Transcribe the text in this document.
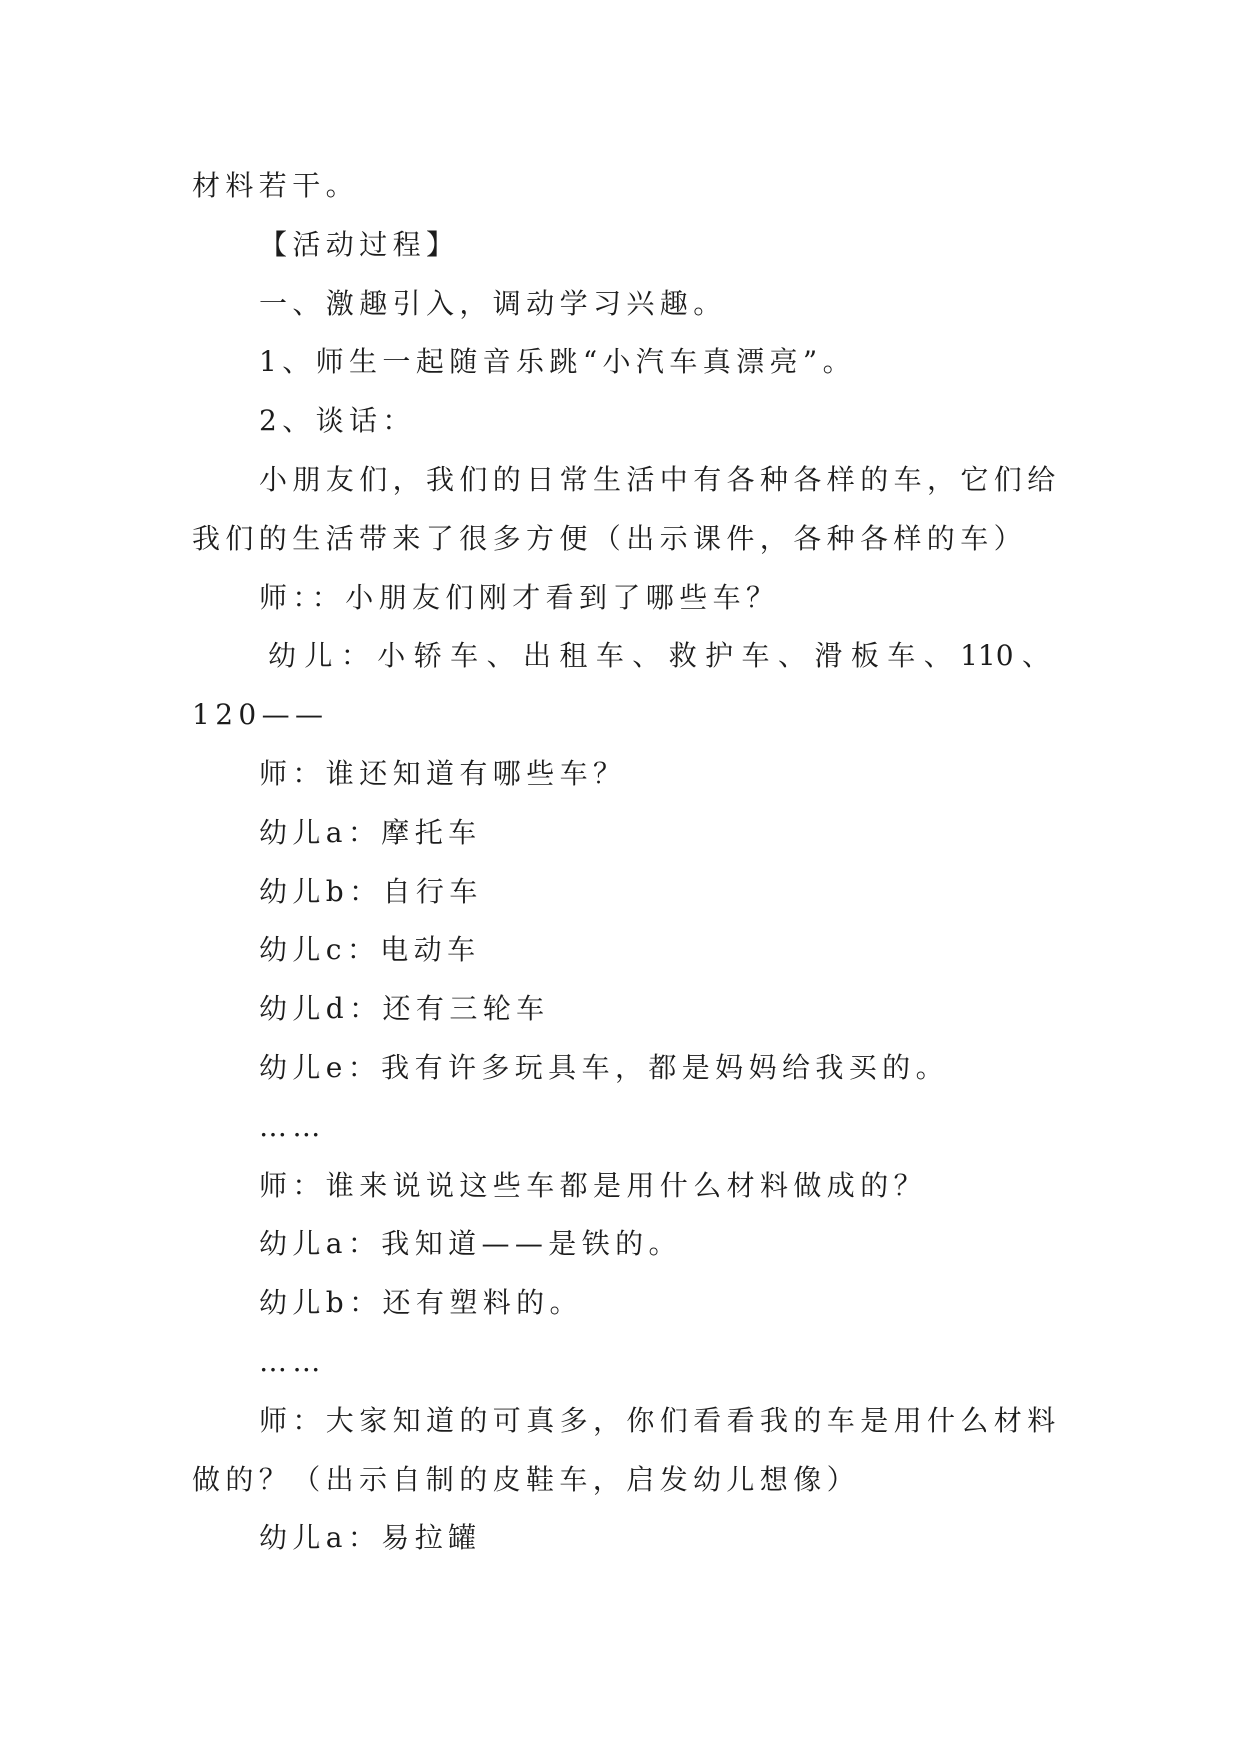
材料若干。
【活动过程】
一、激趣引入，调动学习兴趣。
1、师生一起随音乐跳“小汽车真漂亮”。
2、谈话：
小朋友们，我们的日常生活中有各种各样的车，它们给
我们的生活带来了很多方便（出示课件，各种各样的车）
师：：小朋友们刚才看到了哪些车？
幼儿：小轿车、出租车、救护车、滑板车、110、
120——
师：谁还知道有哪些车？
幼儿a：摩托车
幼儿b：自行车
幼儿c：电动车
幼儿d：还有三轮车
幼儿e：我有许多玩具车，都是妈妈给我买的。
……
师：谁来说说这些车都是用什么材料做成的？
幼儿a：我知道——是铁的。
幼儿b：还有塑料的。
……
师：大家知道的可真多，你们看看我的车是用什么材料
做的？（出示自制的皮鞋车，启发幼儿想像）
幼儿a：易拉罐
